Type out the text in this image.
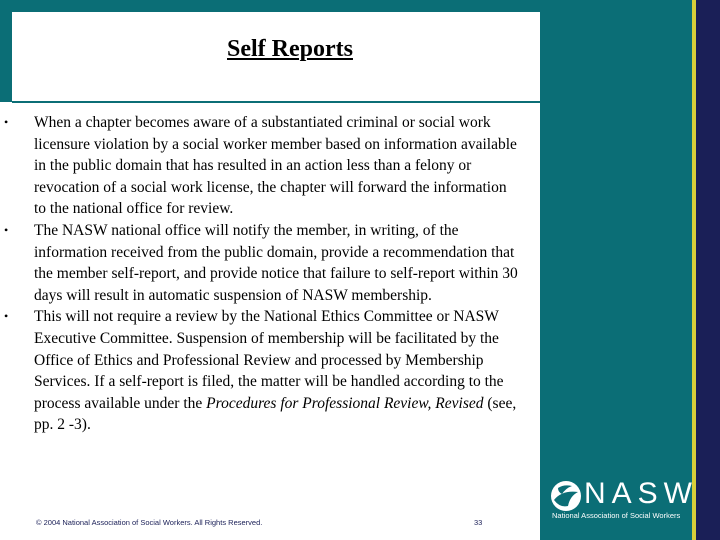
Self Reports
• When a chapter becomes aware of a substantiated criminal or social work licensure violation by a social worker member based on information available in the public domain that has resulted in an action less than a felony or revocation of a social work license, the chapter will forward the information to the national office for review.
• The NASW national office will notify the member, in writing, of the information received from the public domain, provide a recommendation that the member self-report, and provide notice that failure to self-report within 30 days will result in automatic suspension of NASW membership.
• This will not require a review by the National Ethics Committee or NASW Executive Committee. Suspension of membership will be facilitated by the Office of Ethics and Professional Review and processed by Membership Services. If a self-report is filed, the matter will be handled according to the process available under the Procedures for Professional Review, Revised (see, pp. 2 -3).
© 2004 National Association of Social Workers. All Rights Reserved.	33
NASW
National Association of Social Workers
